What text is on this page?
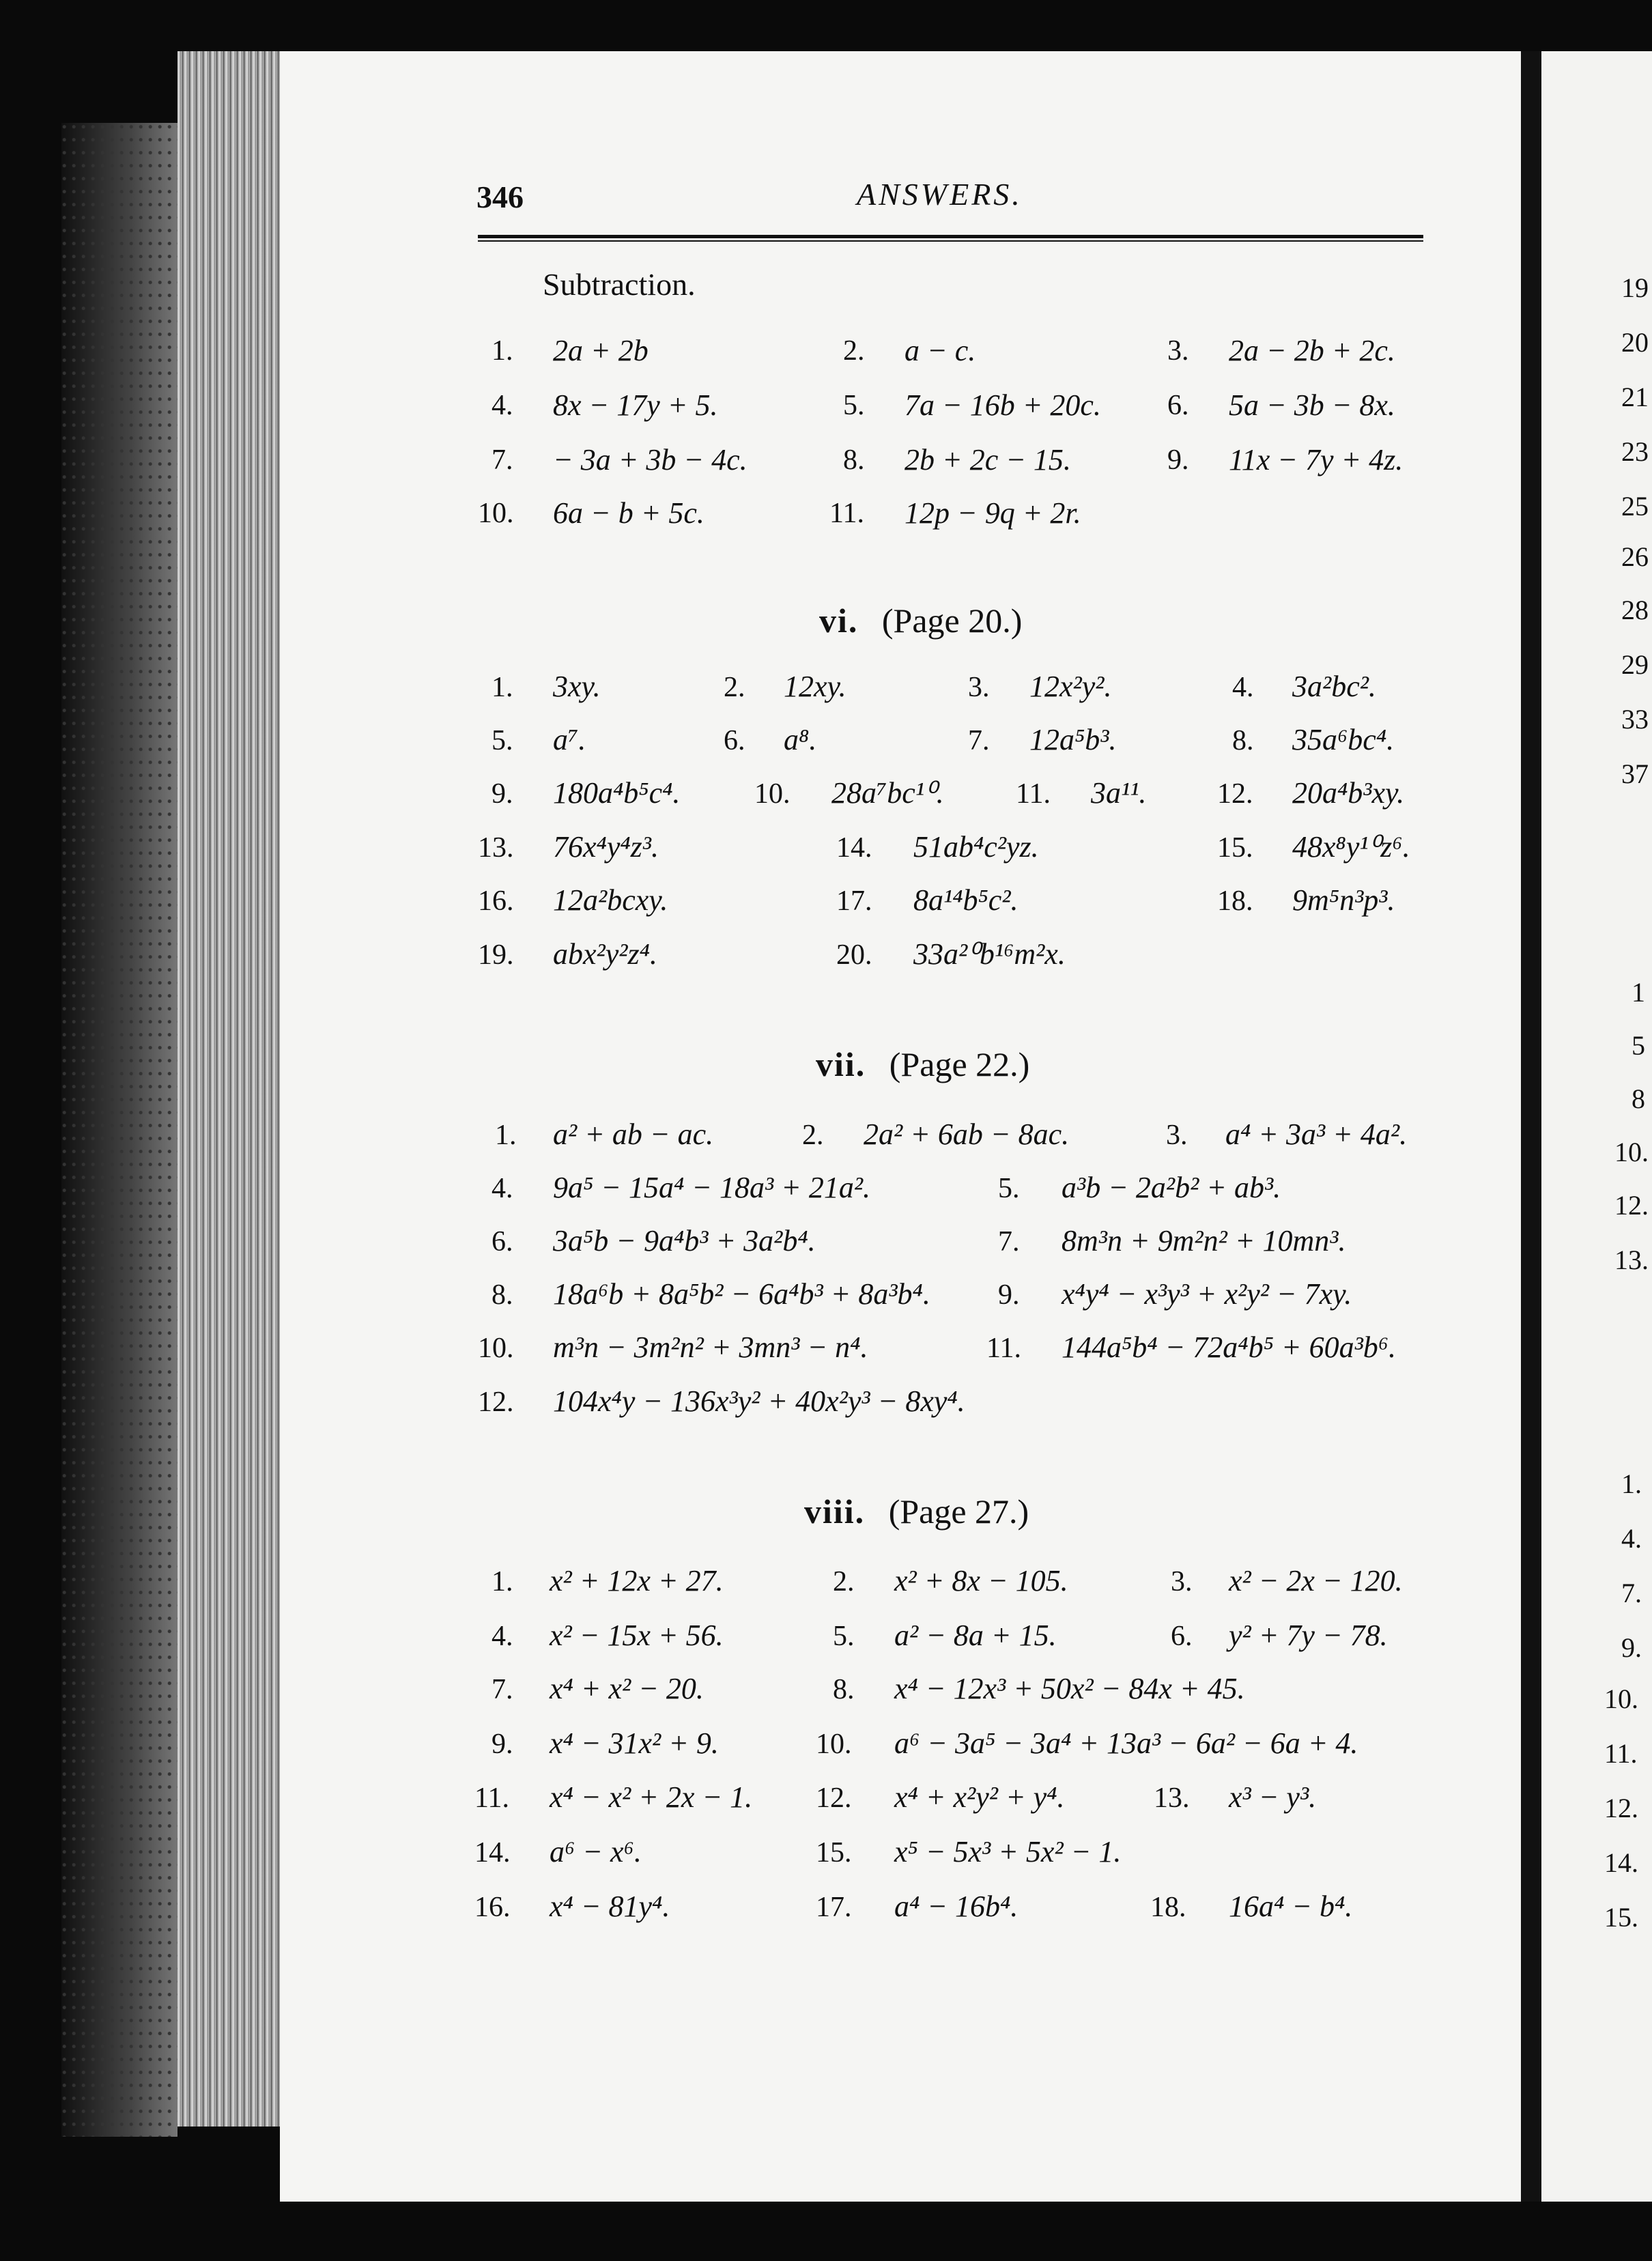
346	ANSWERS.
Subtraction.
1. 2a + 2b	2. a − c.	3. 2a − 2b + 2c.
4. 8x − 17y + 5.	5. 7a − 16b + 20c. 6. 5a − 3b − 8x.
7. − 3a + 3b − 4c.	8. 2b + 2c − 15.	9. 11x − 7y + 4z.
10. 6a − b + 5c.	11. 12p − 9q + 2r.
vi. (Page 20.)
1. 3xy.	2. 12xy.	3. 12x²y².	4. 3a²bc².
5. a⁷.	6. a⁸.	7. 12a⁵b³.	8. 35a⁶bc⁴.
9. 180a⁴b⁵c⁴.	10. 28a⁷bc¹⁰.	11. 3a¹¹. 12. 20a⁴b³xy.
13. 76x⁴y⁴z³.	14. 51ab⁴c²yz.	15. 48x⁸y¹⁰z⁶.
16. 12a²bcxy.	17. 8a¹⁴b⁵c².	18. 9m⁵n³p³.
19. abx²y²z⁴.	20. 33a²⁰b¹⁶m²x.
vii. (Page 22.)
1. a² + ab − ac.	2. 2a² + 6ab − 8ac.	3. a⁴ + 3a³ + 4a².
4. 9a⁵ − 15a⁴ − 18a³ + 21a².	5. a³b − 2a²b² + ab³.
6. 3a⁵b − 9a⁴b³ + 3a²b⁴.	7. 8m³n + 9m²n² + 10mn³.
8. 18a⁶b + 8a⁵b² − 6a⁴b³ + 8a³b⁴. 9. x⁴y⁴ − x³y³ + x²y² − 7xy.
10. m³n − 3m²n² + 3mn³ − n⁴.	11. 144a⁵b⁴ − 72a⁴b⁵ + 60a³b⁶.
12. 104x⁴y − 136x³y² + 40x²y³ − 8xy⁴.
viii. (Page 27.)
1. x² + 12x + 27.	2. x² + 8x − 105.	3. x² − 2x − 120.
4. x² − 15x + 56.	5. a² − 8a + 15.	6. y² + 7y − 78.
7. x⁴ + x² − 20.	8. x⁴ − 12x³ + 50x² − 84x + 45.
9. x⁴ − 31x² + 9.	10. a⁶ − 3a⁵ − 3a⁴ + 13a³ − 6a² − 6a + 4.
11. x⁴ − x² + 2x − 1. 12. x⁴ + x²y² + y⁴.	13. x³ − y³.
14. a⁶ − x⁶.	15. x⁵ − 5x³ + 5x² − 1.
16. x⁴ − 81y⁴.	17. a⁴ − 16b⁴.	18. 16a⁴ − b⁴.
19
20
21
23
25
26
28
29
33
37
1
5
8
10.
12.
13.
1.
4.
7.
9.
10.
11.
12.
14.
15.
